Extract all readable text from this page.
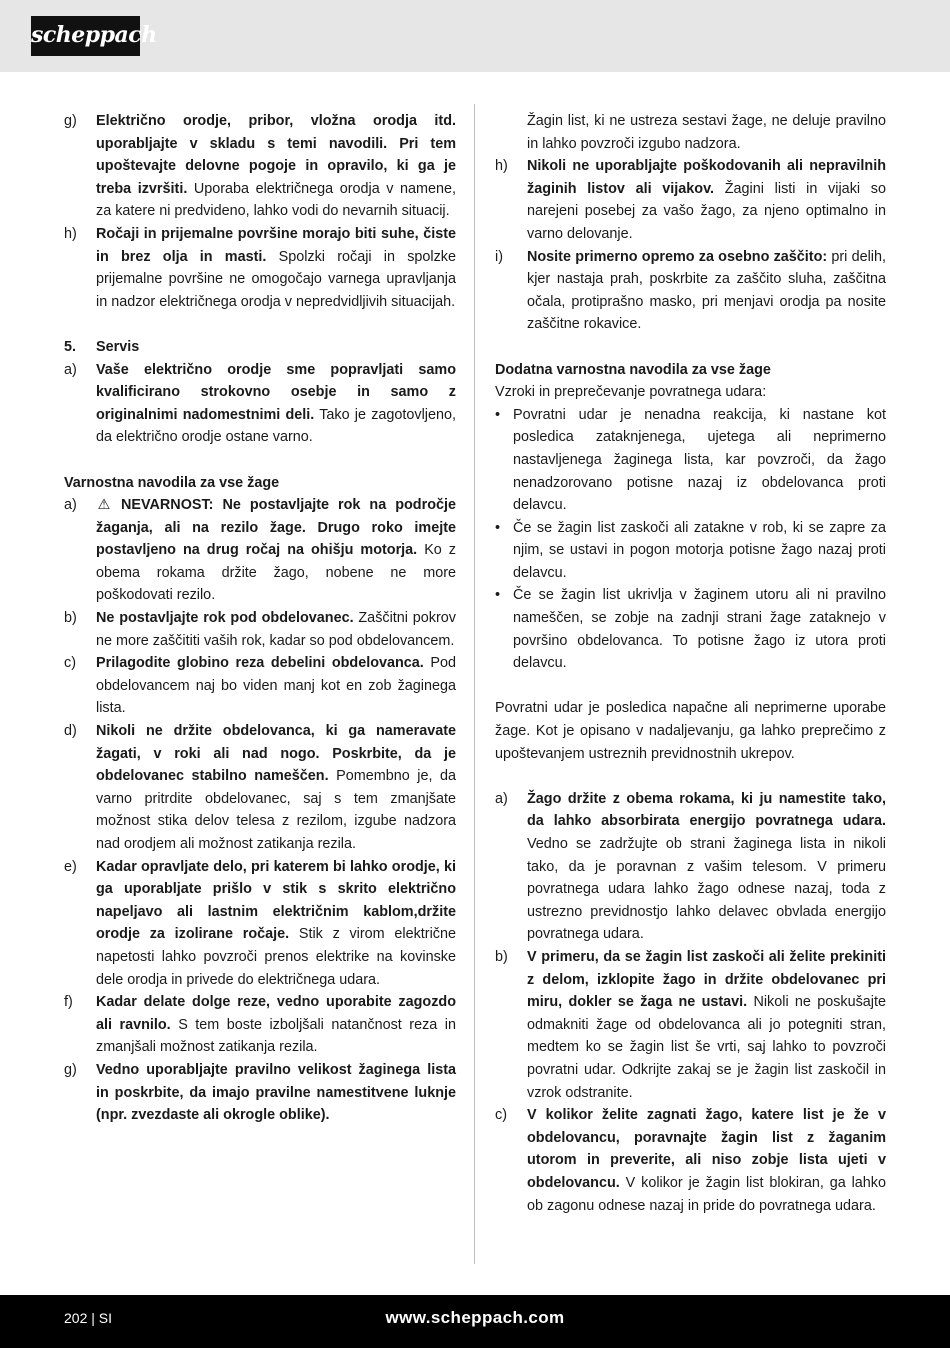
scheppach
g) Električno orodje, pribor, vložna orodja itd. uporabljajte v skladu s temi navodili. Pri tem upoštevajte delovne pogoje in opravilo, ki ga je treba izvršiti. Uporaba električnega orodja v namene, za katere ni predvideno, lahko vodi do nevarnih situacij.
h) Ročaji in prijemalne površine morajo biti suhe, čiste in brez olja in masti. Spolzki ročaji in spolzke prijemalne površine ne omogočajo varnega upravljanja in nadzor električnega orodja v nepredvidljivih situacijah.
5. Servis
a) Vaše električno orodje sme popravljati samo kvalificirano strokovno osebje in samo z originalnimi nadomestnimi deli. Tako je zagotovljeno, da električno orodje ostane varno.
Varnostna navodila za vse žage
a) ⚠ NEVARNOST: Ne postavljajte rok na področje žaganja, ali na rezilo žage. Drugo roko imejte postavljeno na drug ročaj na ohišju motorja. Ko z obema rokama držite žago, nobene ne more poškodovati rezilo.
b) Ne postavljajte rok pod obdelovanec. Zaščitni pokrov ne more zaščititi vaših rok, kadar so pod obdelovancem.
c) Prilagodite globino reza debelini obdelovanca. Pod obdelovancem naj bo viden manj kot en zob žaginega lista.
d) Nikoli ne držite obdelovanca, ki ga nameravate žagati, v roki ali nad nogo. Poskrbite, da je obdelovanec stabilno nameščen. Pomembno je, da varno pritrdite obdelovanec, saj s tem zmanjšate možnost stika delov telesa z rezilom, izgube nadzora nad orodjem ali možnost zatikanja rezila.
e) Kadar opravljate delo, pri katerem bi lahko orodje, ki ga uporabljate prišlo v stik s skrito električno napeljavo ali lastnim električnim kablom,držite orodje za izolirane ročaje. Stik z virom električne napetosti lahko povzroči prenos elektrike na kovinske dele orodja in privede do električnega udara.
f) Kadar delate dolge reze, vedno uporabite zagozdo ali ravnilo. S tem boste izboljšali natančnost reza in zmanjšali možnost zatikanja rezila.
g) Vedno uporabljajte pravilno velikost žaginega lista in poskrbite, da imajo pravilne namestitvene luknje (npr. zvezdaste ali okrogle oblike).
Žagin list, ki ne ustreza sestavi žage, ne deluje pravilno in lahko povzroči izgubo nadzora.
h) Nikoli ne uporabljajte poškodovanih ali nepravilnih žaginih listov ali vijakov. Žagini listi in vijaki so narejeni posebej za vašo žago, za njeno optimalno in varno delovanje.
i) Nosite primerno opremo za osebno zaščito: pri delih, kjer nastaja prah, poskrbite za zaščito sluha, zaščitna očala, protiprašno masko, pri menjavi orodja pa nosite zaščitne rokavice.
Dodatna varnostna navodila za vse žage
Vzroki in preprečevanje povratnega udara:
• Povratni udar je nenadna reakcija, ki nastane kot posledica zataknjenega, ujetega ali neprimerno nastavljenega žaginega lista, kar povzroči, da žago nenadzorovano potisne nazaj iz obdelovanca proti delavcu.
• Če se žagin list zaskoči ali zatakne v rob, ki se zapre za njim, se ustavi in pogon motorja potisne žago nazaj proti delavcu.
• Če se žagin list ukrivlja v žaginem utoru ali ni pravilno nameščen, se zobje na zadnji strani žage zataknejo v površino obdelovanca. To potisne žago iz utora proti delavcu.
Povratni udar je posledica napačne ali neprimerne uporabe žage. Kot je opisano v nadaljevanju, ga lahko preprečimo z upoštevanjem ustreznih previdnostnih ukrepov.
a) Žago držite z obema rokama, ki ju namestite tako, da lahko absorbirata energijo povratnega udara. Vedno se zadržujte ob strani žaginega lista in nikoli tako, da je poravnan z vašim telesom. V primeru povratnega udara lahko žago odnese nazaj, toda z ustrezno previdnostjo lahko delavec obvlada energijo povratnega udara.
b) V primeru, da se žagin list zaskoči ali želite prekiniti z delom, izklopite žago in držite obdelovanec pri miru, dokler se žaga ne ustavi. Nikoli ne poskušajte odmakniti žage od obdelovanca ali jo potegniti stran, medtem ko se žagin list še vrti, saj lahko to povzroči povratni udar. Odkrijte zakaj se je žagin list zaskočil in vzrok odstranite.
c) V kolikor želite zagnati žago, katere list je že v obdelovancu, poravnajte žagin list z žaganim utorom in preverite, ali niso zobje lista ujeti v obdelovancu. V kolikor je žagin list blokiran, ga lahko ob zagonu odnese nazaj in pride do povratnega udara.
202 | SI	www.scheppach.com
